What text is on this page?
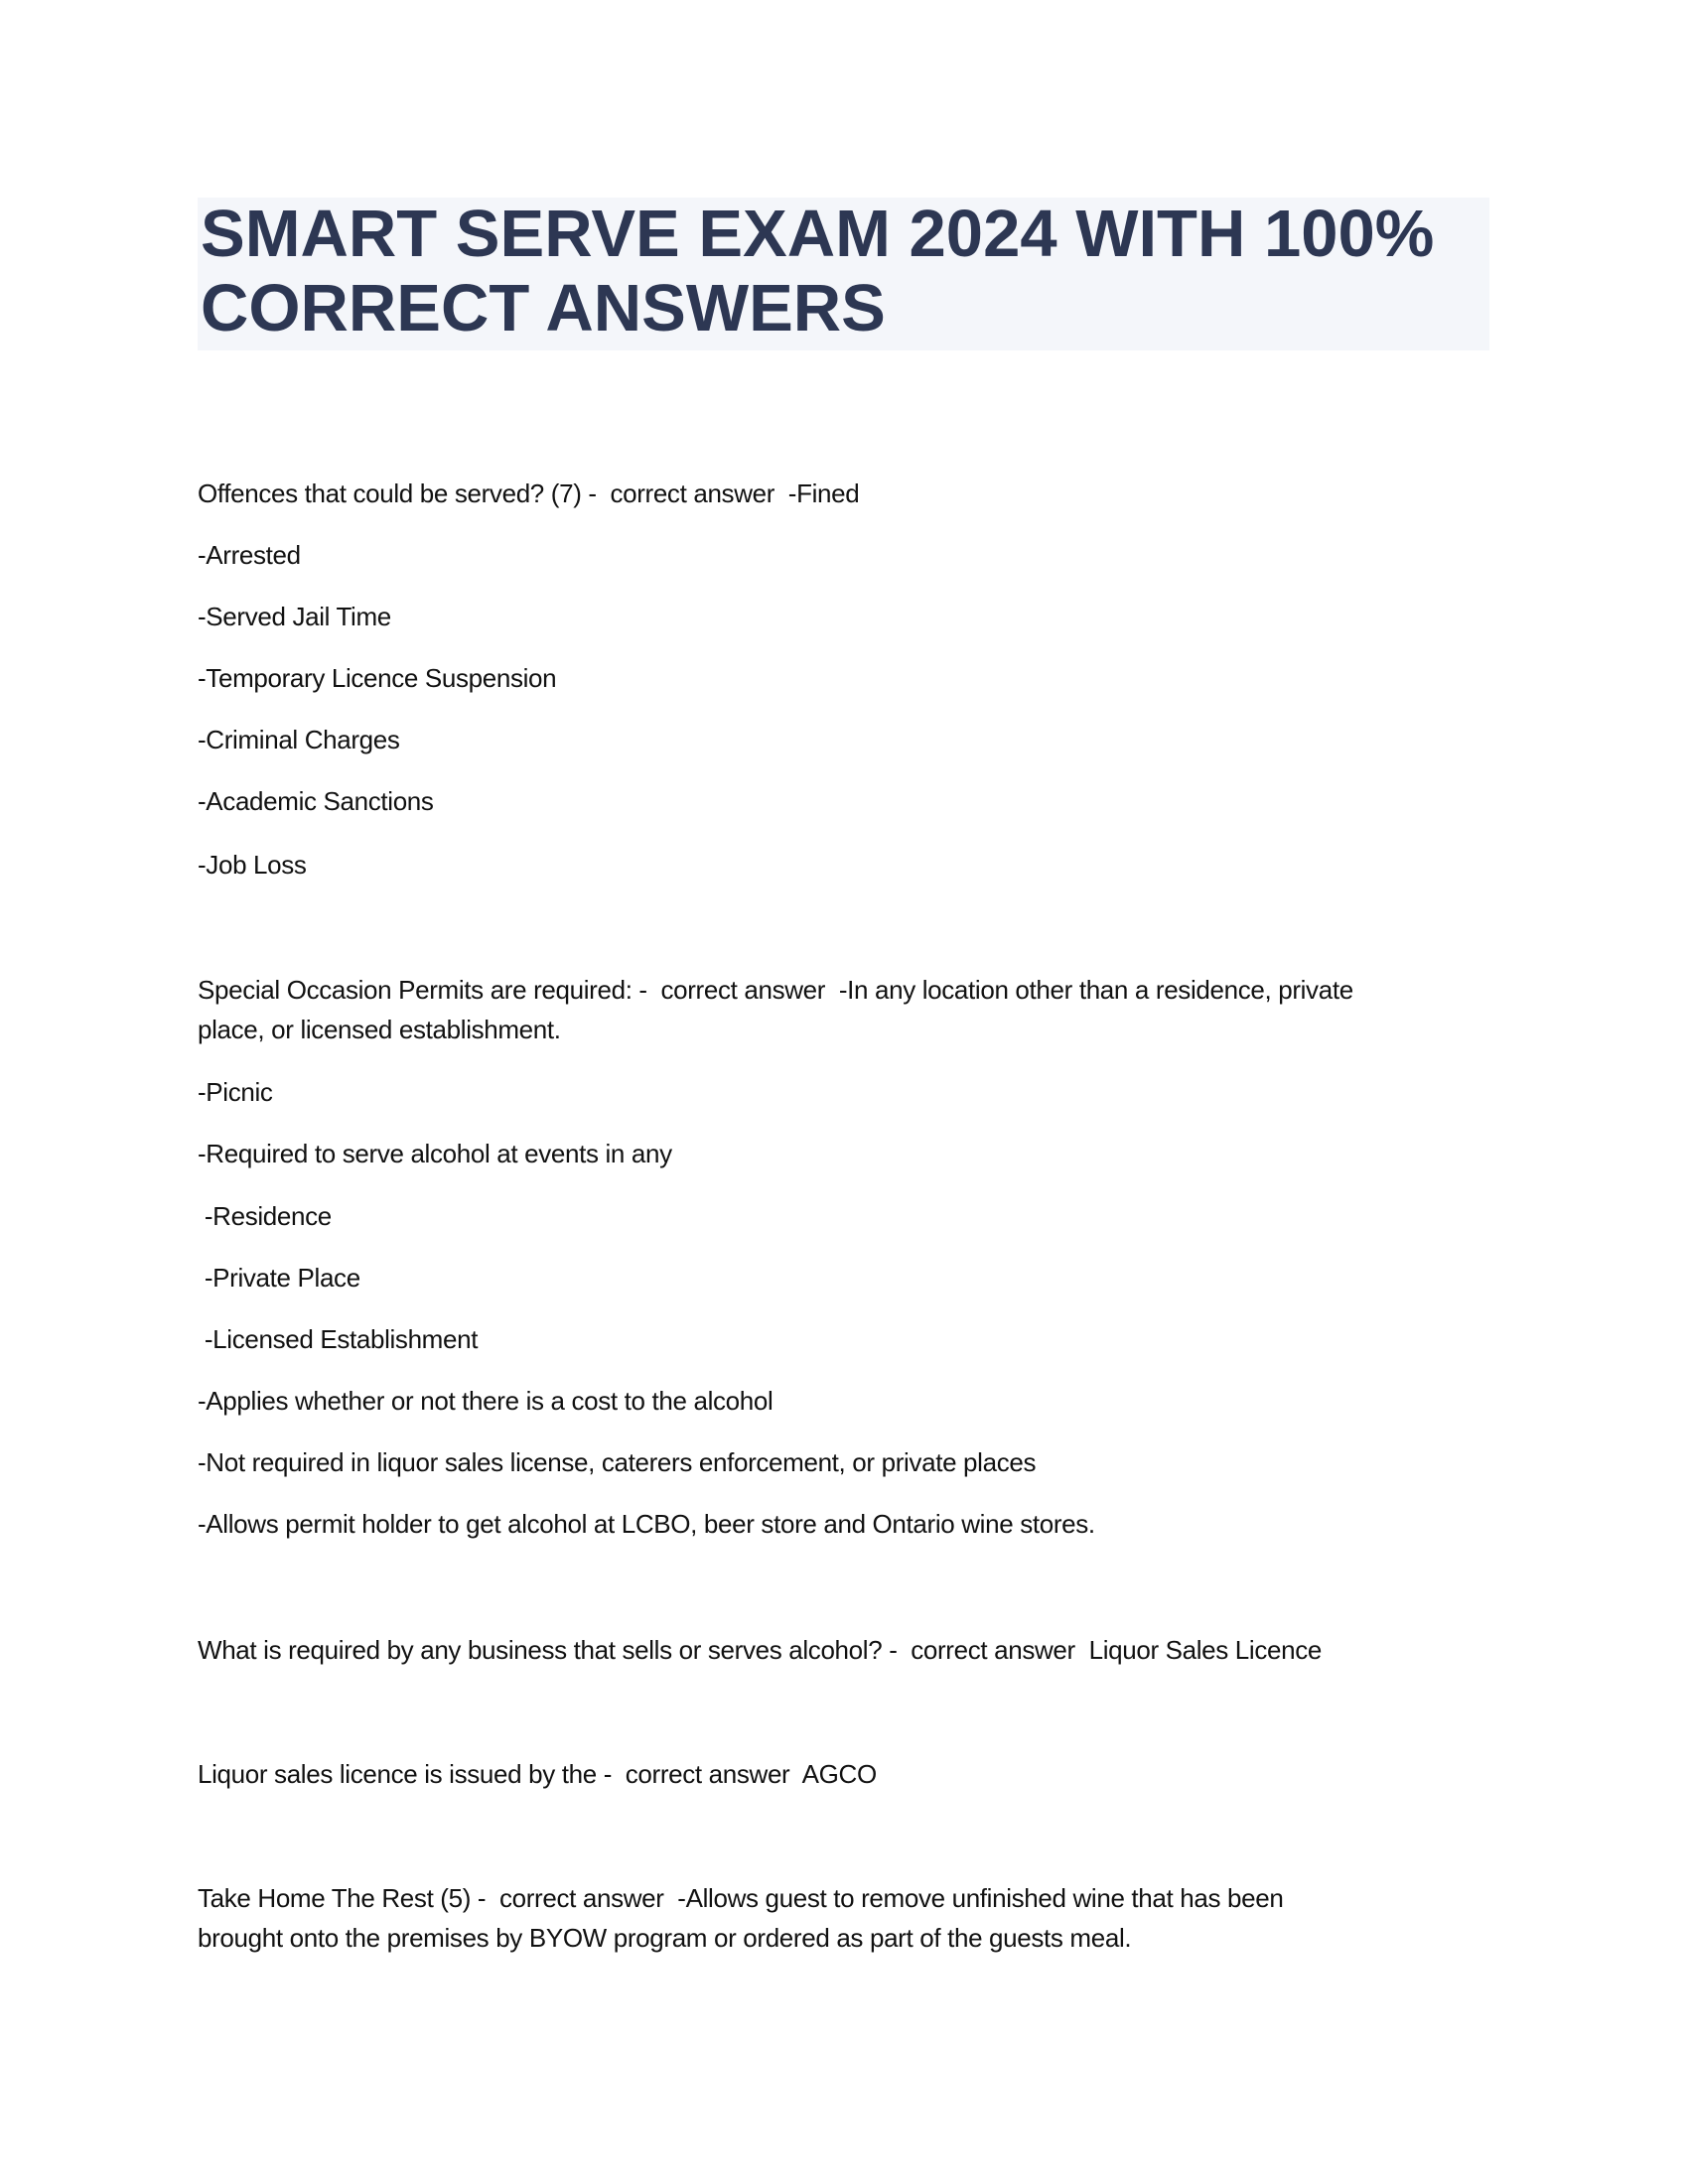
SMART SERVE EXAM 2024 WITH 100%
CORRECT ANSWERS

Offences that could be served? (7) -  correct answer  -Fined

-Arrested

-Served Jail Time

-Temporary Licence Suspension

-Criminal Charges

-Academic Sanctions

-Job Loss

Special Occasion Permits are required: -  correct answer  -In any location other than a residence, private

place, or licensed establishment.

-Picnic

-Required to serve alcohol at events in any

-Residence

-Private Place

-Licensed Establishment

-Applies whether or not there is a cost to the alcohol

-Not required in liquor sales license, caterers enforcement, or private places

-Allows permit holder to get alcohol at LCBO, beer store and Ontario wine stores.

What is required by any business that sells or serves alcohol? -  correct answer  Liquor Sales Licence

Liquor sales licence is issued by the -  correct answer  AGCO

Take Home The Rest (5) -  correct answer  -Allows guest to remove unfinished wine that has been

brought onto the premises by BYOW program or ordered as part of the guests meal.
